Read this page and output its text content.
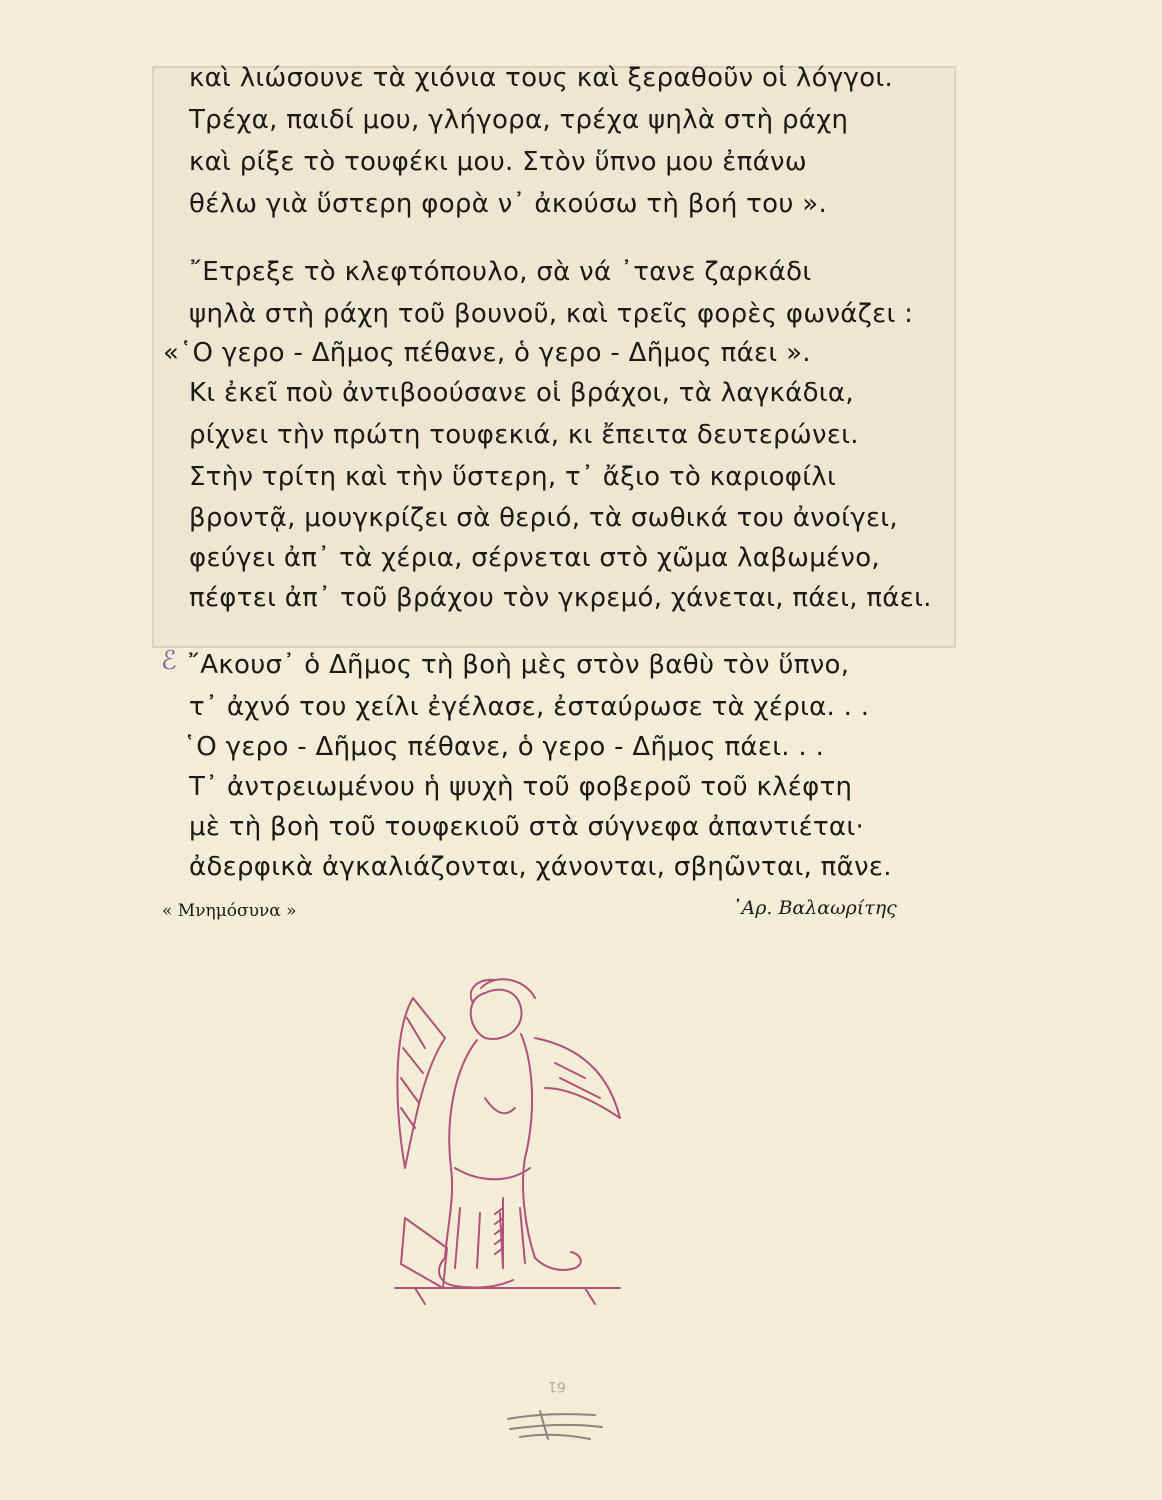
καὶ λιώσουνε τὰ χιόνια τους καὶ ξεραθοῦν οἱ λόγγοι.
Τρέχα, παιδί μου, γλήγορα, τρέχα ψηλὰ στὴ ράχη
καὶ ρίξε τὸ τουφέκι μου. Στὸν ὕπνο μου ἐπάνω
θέλω γιὰ ὕστερη φορὰ ν᾿ ἀκούσω τὴ βοή του ».
῎Ετρεξε τὸ κλεφτόπουλο, σὰ νά ᾿τανε ζαρκάδι
ψηλὰ στὴ ράχη τοῦ βουνοῦ, καὶ τρεῖς φορὲς φωνάζει :
«῾Ο γερο - Δῆμος πέθανε, ὁ γερο - Δῆμος πάει ».
Κι ἐκεῖ ποὺ ἀντιβοούσανε οἱ βράχοι, τὰ λαγκάδια,
ρίχνει τὴν πρώτη τουφεκιά, κι ἔπειτα δευτερώνει.
Στὴν τρίτη καὶ τὴν ὕστερη, τ᾿ ἄξιο τὸ καριοφίλι
βροντᾷ, μουγκρίζει σὰ θεριό, τὰ σωθικά του ἀνοίγει,
φεύγει ἀπ᾿ τὰ χέρια, σέρνεται στὸ χῶμα λαβωμένο,
πέφτει ἀπ᾿ τοῦ βράχου τὸν γκρεμό, χάνεται, πάει, πάει.
ℰ ῎Ακουσ᾿ ὁ Δῆμος τὴ βοὴ μὲς στὸν βαθὺ τὸν ὕπνο,
τ᾿ ἀχνό του χείλι ἐγέλασε, ἐσταύρωσε τὰ χέρια. . .
῾Ο γερο - Δῆμος πέθανε, ὁ γερο - Δῆμος πάει. . .
Τ᾿ ἀντρειωμένου ἡ ψυχὴ τοῦ φοβεροῦ τοῦ κλέφτη
μὲ τὴ βοὴ τοῦ τουφεκιοῦ στὰ σύγνεφα ἀπαντιέται·
ἀδερφικὰ ἀγκαλιάζονται, χάνονται, σβηῶνται, πᾶνε.
« Μνημόσυνα »	᾿Αρ. Βαλαωρίτης
61
